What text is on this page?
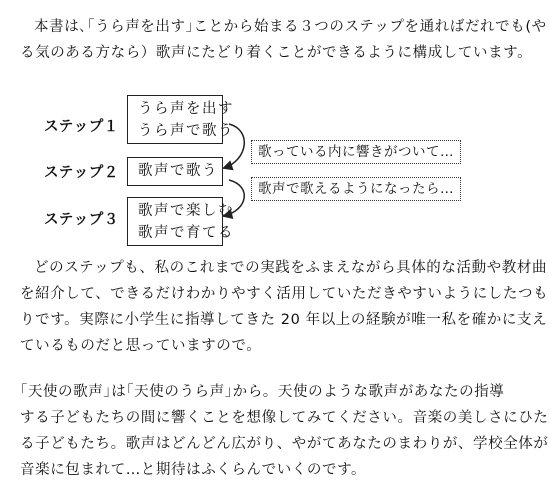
本書は､｢うら声を出す｣ことから始まる３つのステップを通ればだれでも(や
る気のある方なら）歌声にたどり着くことができるように構成しています。

ステップ１
ステップ２
ステップ３
うら声を出す
うら声で歌う
歌声で歌う
歌声で楽しむ
歌声で育てる
歌っている内に響きがついて…
歌声で歌えるようになったら…

どのステップも、私のこれまでの実践をふまえながら具体的な活動や教材曲
を紹介して、できるだけわかりやすく活用していただきやすいようにしたつも
りです。実際に小学生に指導してきた 20 年以上の経験が唯一私を確かに支え
ているものだと思っていますので。

｢天使の歌声｣は｢天使のうら声｣から。天使のような歌声があなたの指導
する子どもたちの間に響くことを想像してみてください。音楽の美しさにひた
る子どもたち。歌声はどんどん広がり、やがてあなたのまわりが、学校全体が
音楽に包まれて…と期待はふくらんでいくのです。
